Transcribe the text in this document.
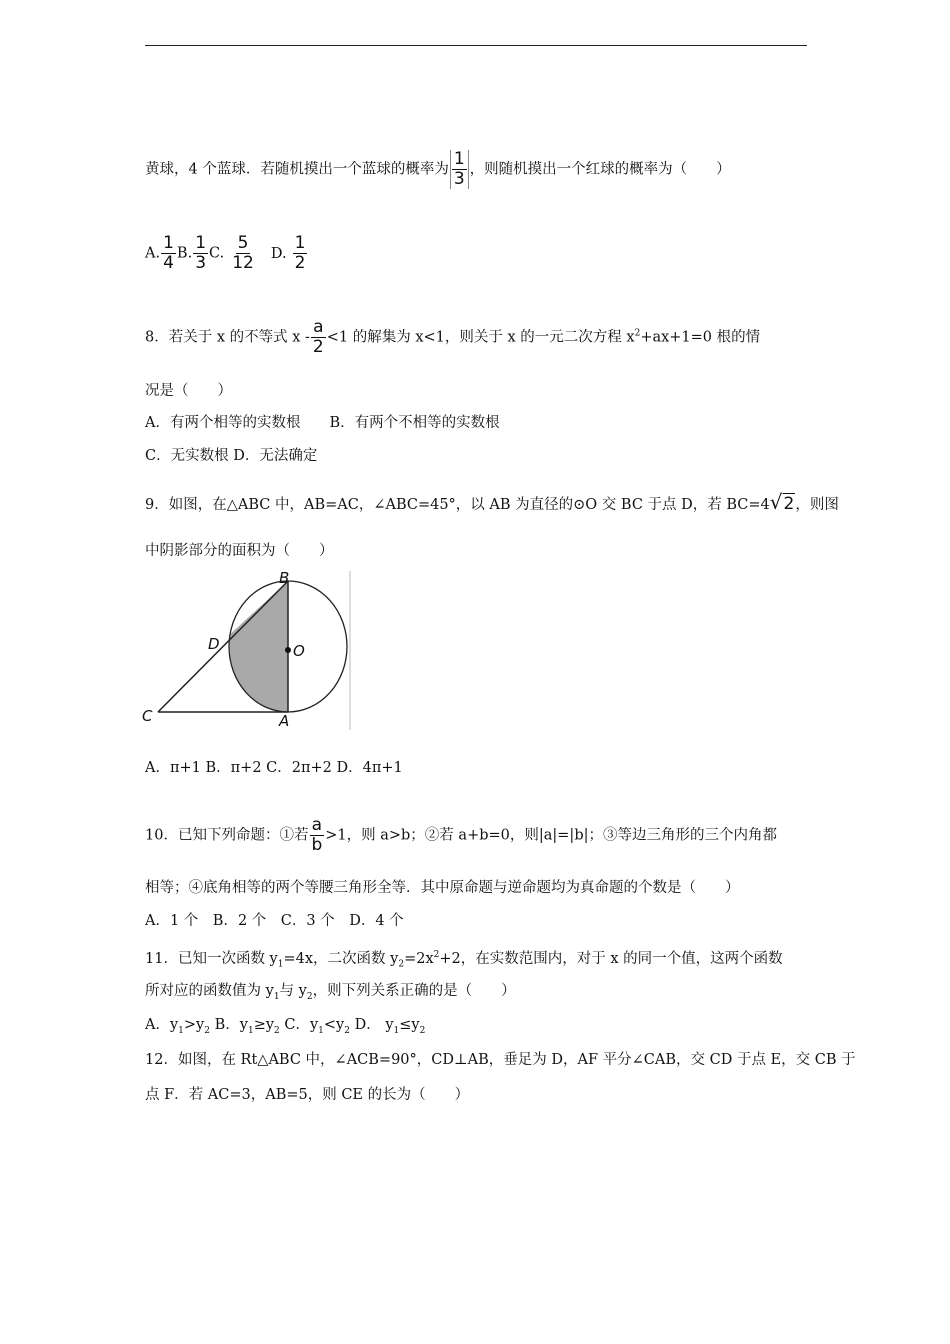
黄球，4 个蓝球．若随机摸出一个蓝球的概率为 $\frac{1}{3}$ ，则随机摸出一个红球的概率为（　　）
A. $\frac{1}{4} B$. $\frac{1}{3} C$. $\frac{5}{12} D$. $\frac{1}{2}$
8．若关于 x 的不等式 $x - \frac{a}{2} <1$ 的解集为 x<1，则关于 x 的一元二次方程 $x^2+ax+1=0$ 根的情
况是（　　）
A．有两个相等的实数根　　B．有两个不相等的实数根
C．无实数根 D．无法确定
9．如图，在△ABC 中，AB=AC，∠ABC=45°，以 AB 为直径的⊙O 交 BC 于点 D，若 BC=4√2，则图
中阴影部分的面积为（　　）
B
D	O
C	A
A．π+1 B．π+2 C．2π+2 D．4π+1
10．已知下列命题：①若 $\frac{a}{b} >1$，则 a>b；②若 a+b=0，则|a|=|b|；③等边三角形的三个内角都
相等；④底角相等的两个等腰三角形全等．其中原命题与逆命题均为真命题的个数是（　　）
A．1 个　B．2 个　C．3 个　D．4 个
11．已知一次函数 $y_1=4x$，二次函数 $y_2=2x^2+2$，在实数范围内，对于 x 的同一个值，这两个函数
所对应的函数值为 $y_1$与 $y_2$，则下列关系正确的是（　　）
A．$y_1>y_2$ B．$y_1\ge y_2$ C．$y_1<y_2$ D． $y_1\le y_2$
12．如图，在 Rt△ABC 中，∠ACB=90°，CD⊥AB，垂足为 D，AF 平分∠CAB，交 CD 于点 E，交 CB 于
点 F．若 AC=3，AB=5，则 CE 的长为（　　）
